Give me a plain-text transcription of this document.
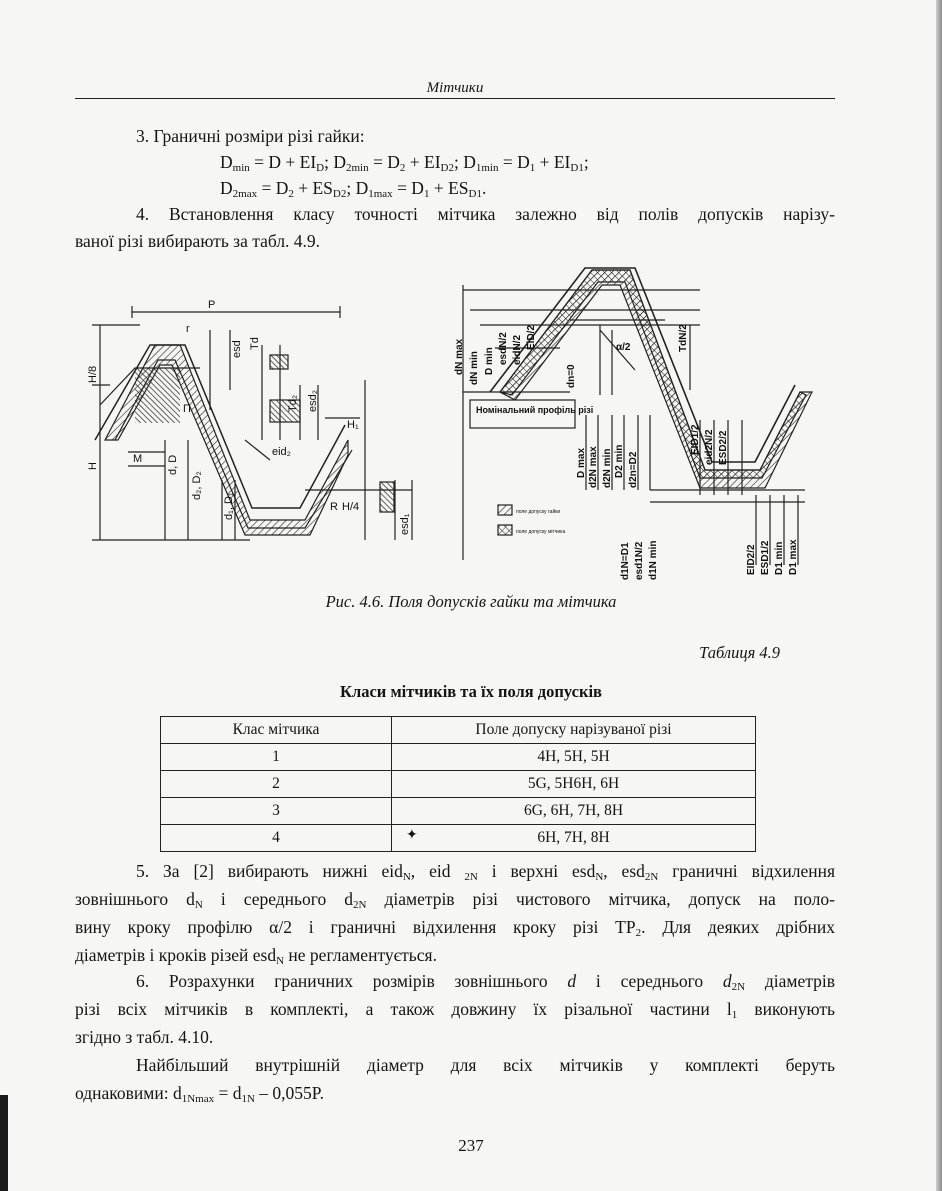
Мітчики
3. Граничні розміри різі гайки:
$D_{min} = D + EI_D$; $D_{2min} = D_2 + EI_{D2}$; $D_{1min} = D_1 + EI_{D1}$;
$D_{2max} = D_2 + ES_{D2}$; $D_{1max} = D_1 + ES_{D1}$.
4. Встановлення класу точності мітчика залежно від полів допусків нарізу-
ваної різі вибирають за табл. 4.9.
P
r
H/8
H
M
П
H₁
R H/4
esd Td
Td₂ esd₂
eid₂
d, D
d₂, D₂
d₁, D₁
esd₁
dN max dN min D min esdN/2 eidN/2 EiD/2
dn=0
α/2	TdN/2
Номінальний профіль різі
D max d2N max d2N min D2 min d2n=D2
EID1/2 eid2N/2 ESD2/2
d1N=D1 esd1N/2 d1N min	EID2/2 ESD1/2 D1 min D1 max
поле допуску гайки
поле допуску мітчика
Рис. 4.6. Поля допусків гайки та мітчика
Таблиця 4.9
Класи мітчиків та їх поля допусків
Клас мітчика	Поле допуску нарізуваної різі
1	4H, 5H, 5H
2	5G, 5H6H, 6H
3	6G, 6H, 7H, 8H
4	✦ 6H, 7H, 8H
5. За [2] вибирають нижні eid$_N$, eid $_{2N}$ і верхні esd$_N$, esd$_{2N}$ граничні відхилення
зовнішнього $d_N$ і середнього $d_{2N}$ діаметрів різі чистового мітчика, допуск на поло-
вину кроку профілю α/2 і граничні відхилення кроку різі $TP_2$. Для деяких дрібних
діаметрів і кроків різей esd$_N$ не регламентується.
6. Розрахунки граничних розмірів зовнішнього d і середнього $d_{2N}$ діаметрів
різі всіх мітчиків в комплекті, а також довжину їх різальної частини $l_1$ виконують
згідно з табл. 4.10.
Найбільший внутрішній діаметр для всіх мітчиків у комплекті беруть
однаковими: $d_{1Nmax} = d_{1N} - 0,055P$.
237
